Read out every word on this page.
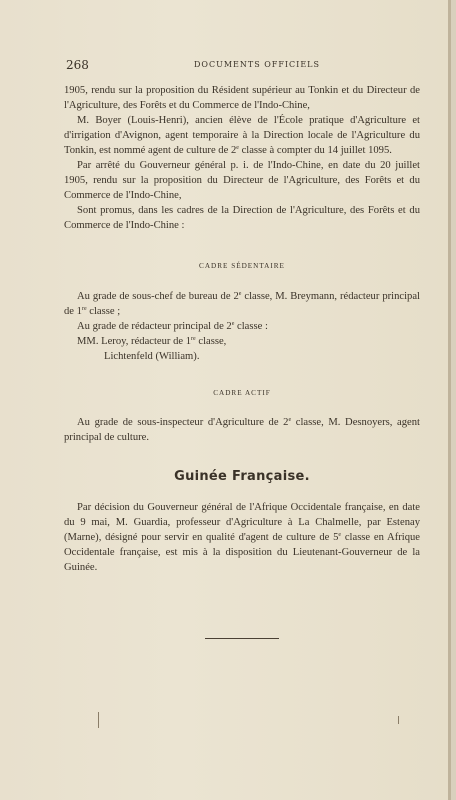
268	DOCUMENTS OFFICIELS

1905, rendu sur la proposition du Résident supérieur au Tonkin et du Directeur de l'Agriculture, des Forêts et du Commerce de l'Indo-Chine,

M. Boyer (Louis-Henri), ancien élève de l'École pratique d'Agriculture et d'irrigation d'Avignon, agent temporaire à la Direction locale de l'Agriculture du Tonkin, est nommé agent de culture de 2e classe à compter du 14 juillet 1095.

Par arrêté du Gouverneur général p. i. de l'Indo-Chine, en date du 20 juillet 1905, rendu sur la proposition du Directeur de l'Agriculture, des Forêts et du Commerce de l'Indo-Chine,

Sont promus, dans les cadres de la Direction de l'Agriculture, des Forêts et du Commerce de l'Indo-Chine :

CADRE SÉDENTAIRE

Au grade de sous-chef de bureau de 2e classe, M. Breymann, rédacteur principal de 1re classe ;

Au grade de rédacteur principal de 2e classe :

MM. Leroy, rédacteur de 1re classe,

Lichtenfeld (William).

CADRE ACTIF

Au grade de sous-inspecteur d'Agriculture de 2e classe, M. Desnoyers, agent principal de culture.

Guinée Française.

Par décision du Gouverneur général de l'Afrique Occidentale française, en date du 9 mai, M. Guardia, professeur d'Agriculture à La Chalmelle, par Estenay (Marne), désigné pour servir en qualité d'agent de culture de 5e classe en Afrique Occidentale française, est mis à la disposition du Lieutenant-Gouverneur de la Guinée.
